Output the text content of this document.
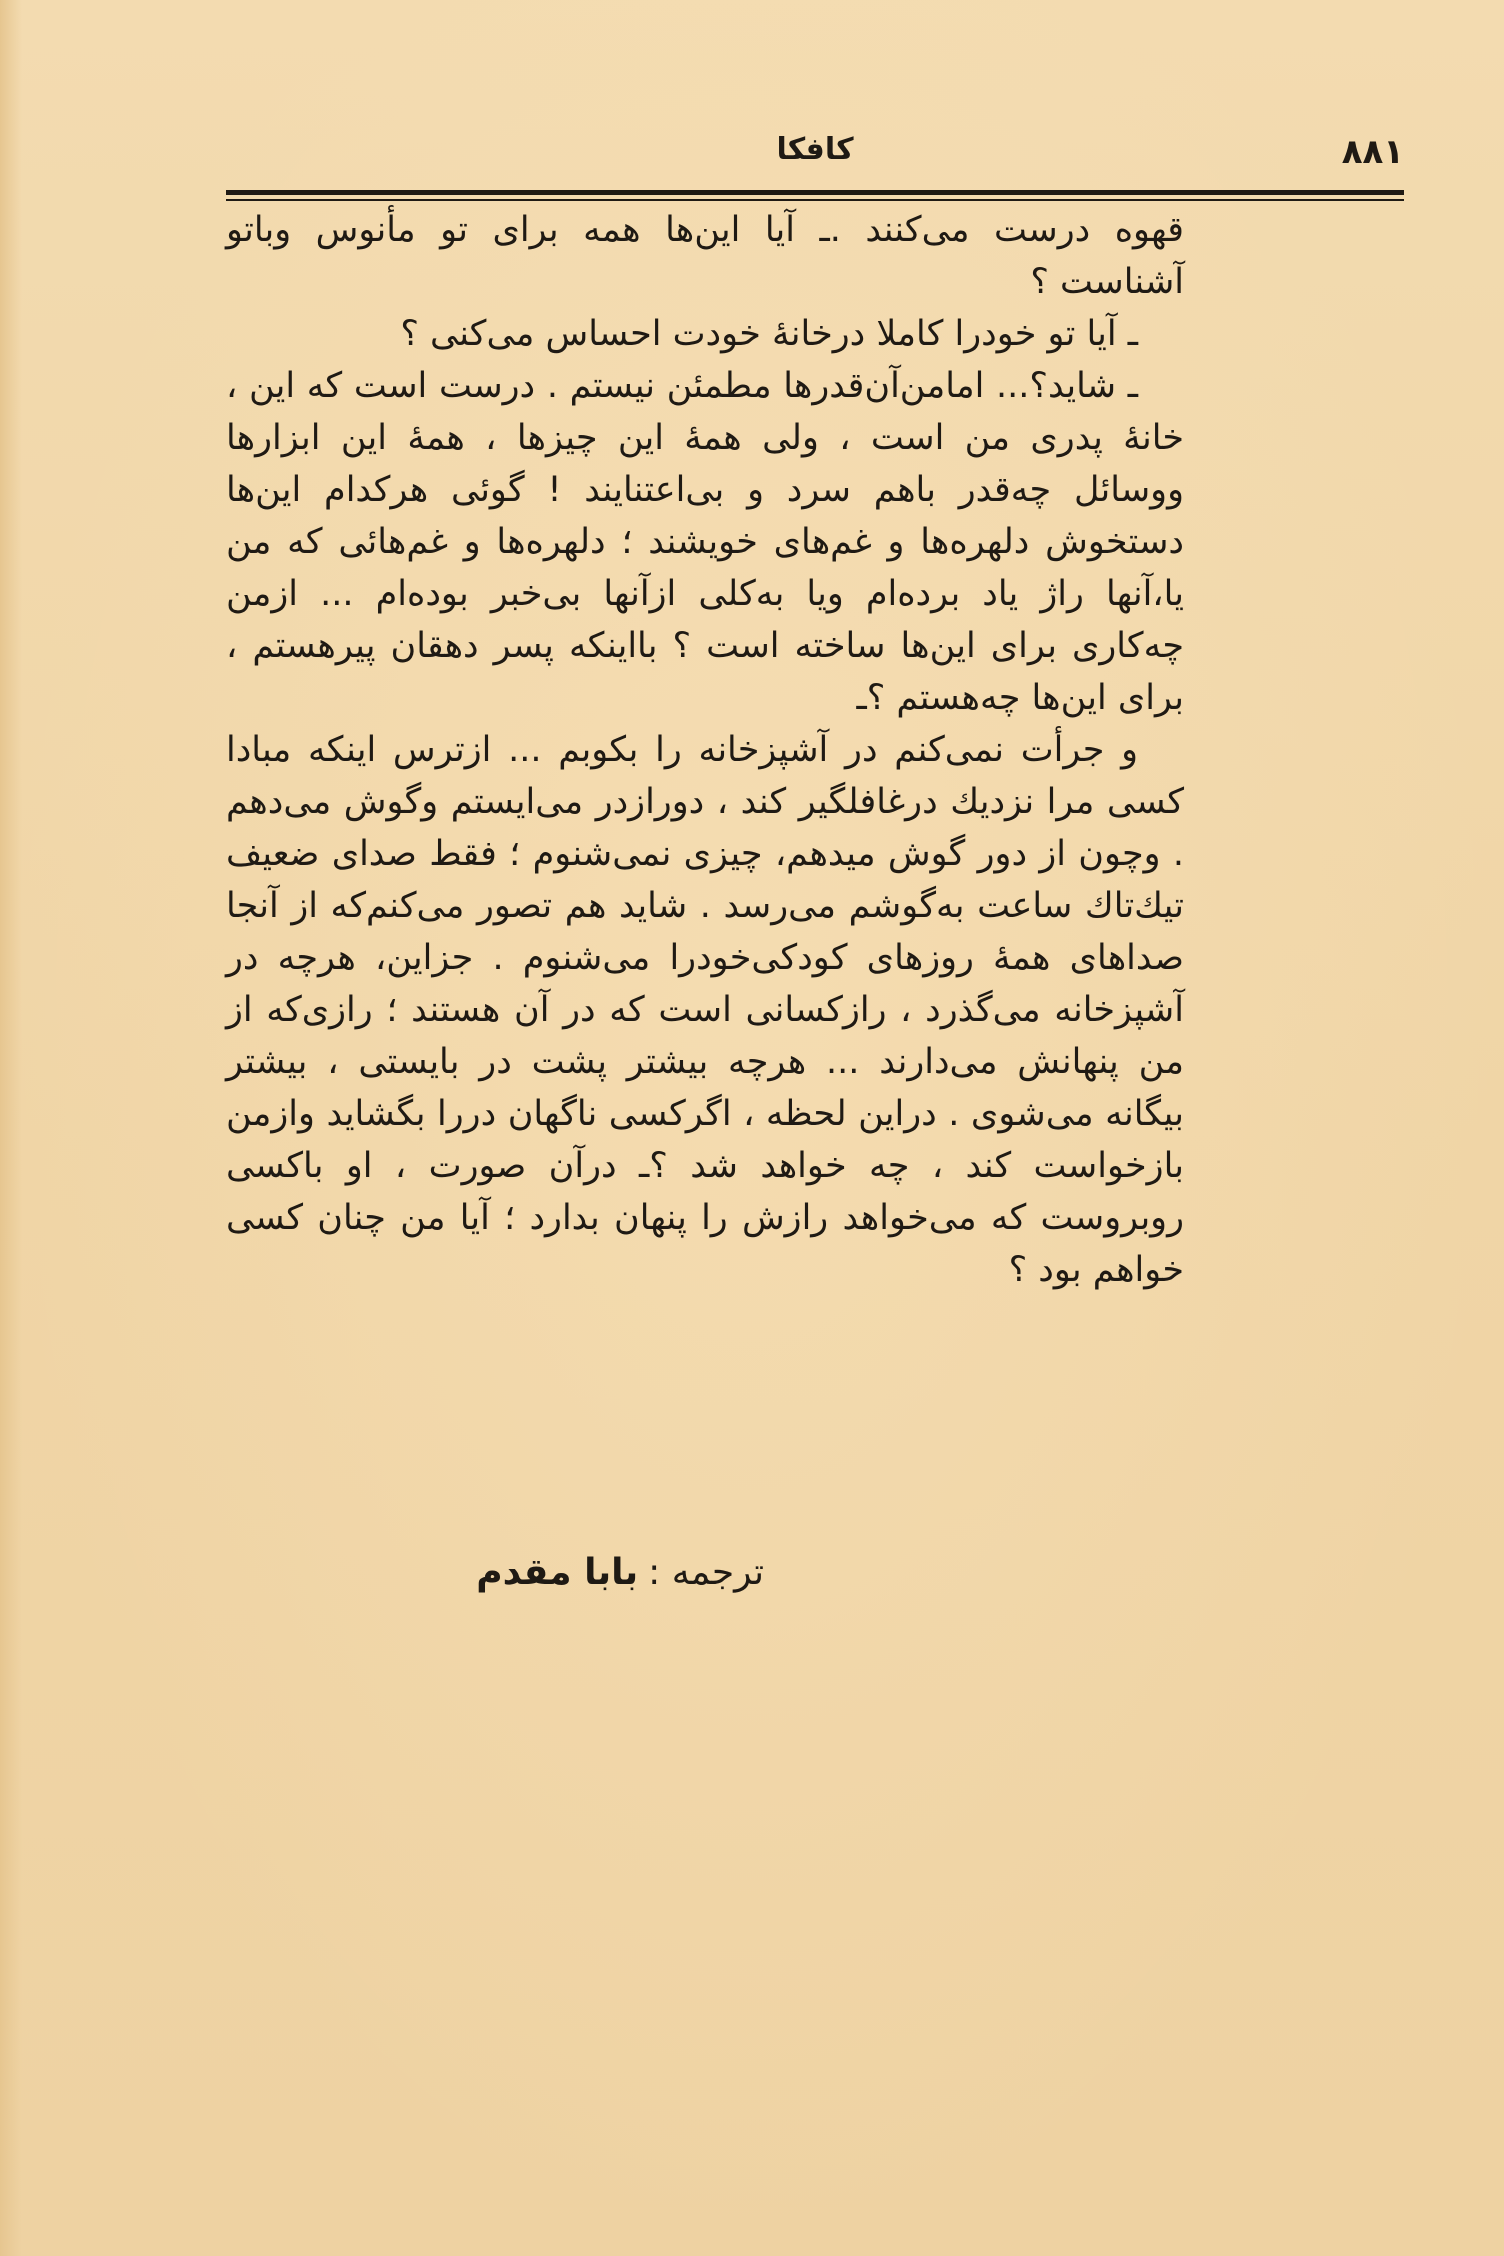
۱۸۸
کافکا

قهوه درست می‌کنند .ـ آیا این‌ها همه برای تو مأنوس وباتو آشناست ؟

ـ آیا تو خودرا کاملا درخانهٔ خودت احساس می‌کنی ؟

ـ شاید؟... امامن‌آن‌قدرها مطمئن نیستم . درست است که این ، خانهٔ پدری من است ، ولی همهٔ این چیزها ، همهٔ این ابزارها ووسائل چه‌قدر باهم سرد و بی‌اعتنایند ! گوئی هرکدام این‌ها دستخوش دلهره‌ها و غم‌های خویشند ؛ دلهره‌ها و غم‌هائی که من یا،آنها راژ یاد برده‌ام ویا به‌کلی ازآنها بی‌خبر بوده‌ام ... ازمن چه‌کاری برای این‌ها ساخته است ؟ بااینکه پسر دهقان پیرهستم ، برای این‌ها چه‌هستم ؟ـ

و جرأت نمی‌کنم در آشپزخانه را بکوبم ... ازترس اینکه مبادا کسی مرا نزدیك درغافلگیر کند ، دورازدر می‌ایستم وگوش می‌دهم . وچون از دور گوش میدهم، چیزی نمی‌شنوم ؛ فقط صدای ضعیف تیك‌تاك ساعت به‌گوشم می‌رسد . شاید هم تصور می‌کنم‌که از آنجا صداهای همهٔ روزهای کودکی‌خودرا می‌شنوم . جزاین، هرچه در آشپزخانه می‌گذرد ، رازکسانی است که در آن هستند ؛ رازی‌که از من پنهانش می‌دارند ... هرچه بیشتر پشت در بایستی ، بیشتر بیگانه می‌شوی . دراین لحظه ، اگرکسی ناگهان دررا بگشاید وازمن بازخواست کند ، چه خواهد شد ؟ـ درآن صورت ، او باکسی روبروست که می‌خواهد رازش را پنهان بدارد ؛ آیا من چنان کسی خواهم بود ؟

ترجمه :بابا مقدم
